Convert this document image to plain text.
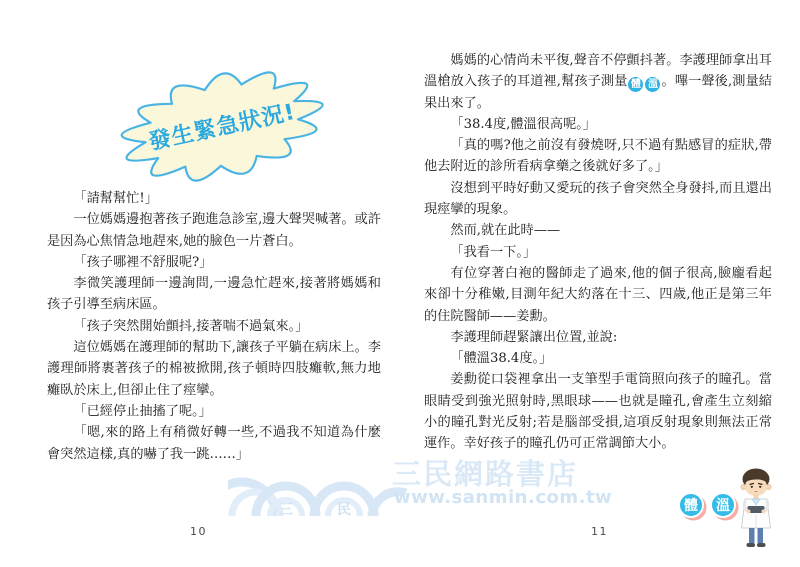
發生緊急狀況!

「請幫幫忙!」

一位媽媽邊抱著孩子跑進急診室,邊大聲哭喊著。或許是因為心焦情急地趕來,她的臉色一片蒼白。

「孩子哪裡不舒服呢?」

李微笑護理師一邊詢問,一邊急忙趕來,接著將媽媽和孩子引導至病床區。

「孩子突然開始顫抖,接著喘不過氣來。」

這位媽媽在護理師的幫助下,讓孩子平躺在病床上。李護理師將裹著孩子的棉被掀開,孩子頓時四肢癱軟,無力地癱臥於床上,但卻止住了痙攣。

「已經停止抽搐了呢。」

「嗯,來的路上有稍微好轉一些,不過我不知道為什麼會突然這樣,真的嚇了我一跳……」

10

媽媽的心情尚未平復,聲音不停顫抖著。李護理師拿出耳溫槍放入孩子的耳道裡,幫孩子測量 體 溫 。嗶一聲後,測量結果出來了。

「38.4度,體溫很高呢。」

「真的嗎?他之前沒有發燒呀,只不過有點感冒的症狀,帶他去附近的診所看病拿藥之後就好多了。」

沒想到平時好動又愛玩的孩子會突然全身發抖,而且還出現痙攣的現象。

然而,就在此時——

「我看一下。」

有位穿著白袍的醫師走了過來,他的個子很高,臉龐看起來卻十分稚嫩,目測年紀大約落在十三、四歲,他正是第三年的住院醫師——姜勳。

李護理師趕緊讓出位置,並說:

「體溫38.4度。」

姜勳從口袋裡拿出一支筆型手電筒照向孩子的瞳孔。當眼睛受到強光照射時,黑眼球——也就是瞳孔,會產生立刻縮小的瞳孔對光反射;若是腦部受損,這項反射現象則無法正常運作。幸好孩子的瞳孔仍可正常調節大小。

11
三	民
三民網路書店
www.sanmin.com.tw	體	溫
